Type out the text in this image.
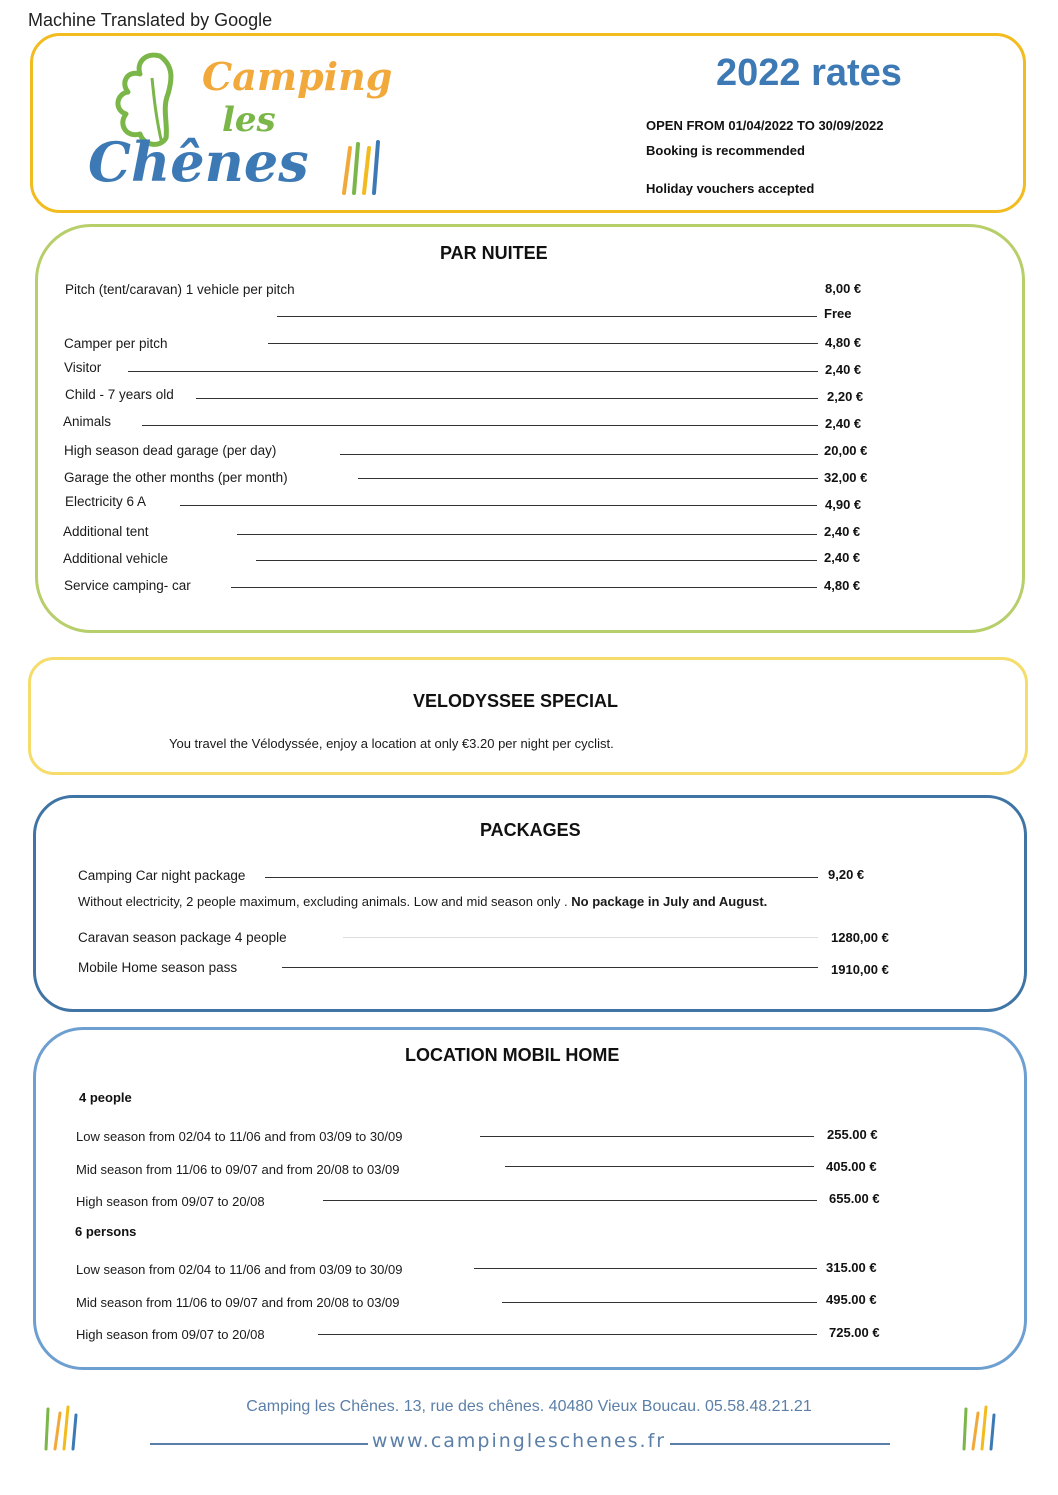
Machine Translated by Google
Camping
les
Chênes
2022 rates
OPEN FROM 01/04/2022 TO 30/09/2022
Booking is recommended
Holiday vouchers accepted
PAR NUITEE
Pitch (tent/caravan) 1 vehicle per pitch	8,00 €
Free
Camper per pitch	4,80 €
Visitor	2,40 €
Child - 7 years old	2,20 €
Animals	2,40 €
High season dead garage (per day)	20,00 €
Garage the other months (per month)	32,00 €
Electricity 6 A	4,90 €
Additional tent	2,40 €
Additional vehicle	2,40 €
Service camping- car	4,80 €
VELODYSSEE SPECIAL
You travel the Vélodyssée, enjoy a location at only €3.20 per night per cyclist.
PACKAGES
Camping Car night package	9,20 €
Without electricity, 2 people maximum, excluding animals. Low and mid season only . No package in July and August.
Caravan season package 4 people	1280,00 €
Mobile Home season pass	1910,00 €
LOCATION MOBIL HOME
4 people
Low season from 02/04 to 11/06 and from 03/09 to 30/09	255.00 €
Mid season from 11/06 to 09/07 and from 20/08 to 03/09	405.00 €
High season from 09/07 to 20/08	655.00 €
6 persons
Low season from 02/04 to 11/06 and from 03/09 to 30/09	315.00 €
Mid season from 11/06 to 09/07 and from 20/08 to 03/09	495.00 €
High season from 09/07 to 20/08	725.00 €
Camping les Chênes. 13, rue des chênes. 40480 Vieux Boucau. 05.58.48.21.21
www.campingleschenes.fr
